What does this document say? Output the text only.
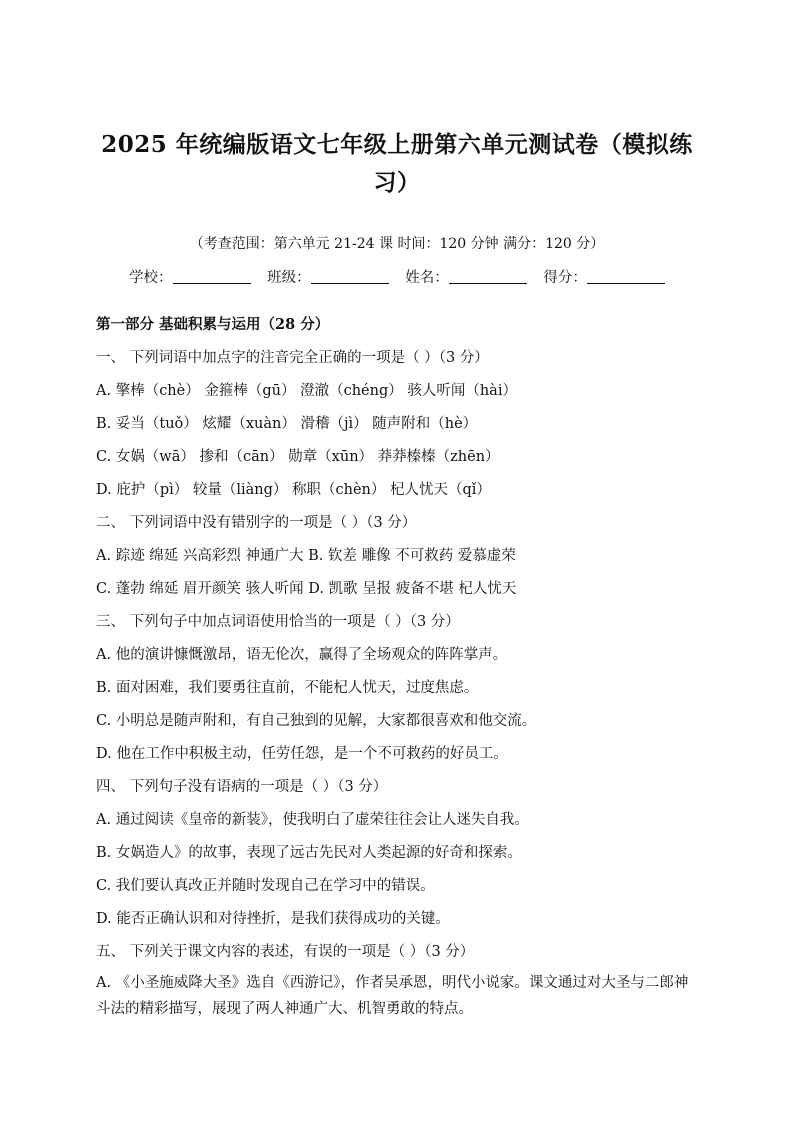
2025 年统编版语文七年级上册第六单元测试卷（模拟练
习）
（考查范围：第六单元 21-24 课 时间：120 分钟 满分：120 分）
学校：	班级：	姓名：	得分：
第一部分 基础积累与运用（28 分）
一、 下列词语中加点字的注音完全正确的一项是（ ）（3 分）
A. 擎棒（chè） 金箍棒（gū） 澄澈（chéng） 骇人听闻（hài）
B. 妥当（tuǒ） 炫耀（xuàn） 滑稽（jì） 随声附和（hè）
C. 女娲（wā） 掺和（cān） 勋章（xūn） 莽莽榛榛（zhēn）
D. 庇护（pì） 较量（liàng） 称职（chèn） 杞人忧天（qǐ）
二、 下列词语中没有错别字的一项是（ ）（3 分）
A. 踪迹 绵延 兴高彩烈 神通广大 B. 钦差 雕像 不可救药 爱慕虚荣
C. 蓬勃 绵延 眉开颜笑 骇人听闻 D. 凯歌 呈报 疲备不堪 杞人忧天
三、 下列句子中加点词语使用恰当的一项是（ ）（3 分）
A. 他的演讲慷慨激昂，语无伦次，赢得了全场观众的阵阵掌声。
B. 面对困难，我们要勇往直前，不能杞人忧天，过度焦虑。
C. 小明总是随声附和，有自己独到的见解，大家都很喜欢和他交流。
D. 他在工作中积极主动，任劳任怨，是一个不可救药的好员工。
四、 下列句子没有语病的一项是（ ）（3 分）
A. 通过阅读《皇帝的新装》，使我明白了虚荣往往会让人迷失自我。
B. 女娲造人》的故事，表现了远古先民对人类起源的好奇和探索。
C. 我们要认真改正并随时发现自己在学习中的错误。
D. 能否正确认识和对待挫折，是我们获得成功的关键。
五、 下列关于课文内容的表述，有误的一项是（ ）（3 分）
A. 《小圣施威降大圣》选自《西游记》，作者吴承恩，明代小说家。课文通过对大圣与二郎神斗法的精彩描写，展现了两人神通广大、机智勇敢的特点。
